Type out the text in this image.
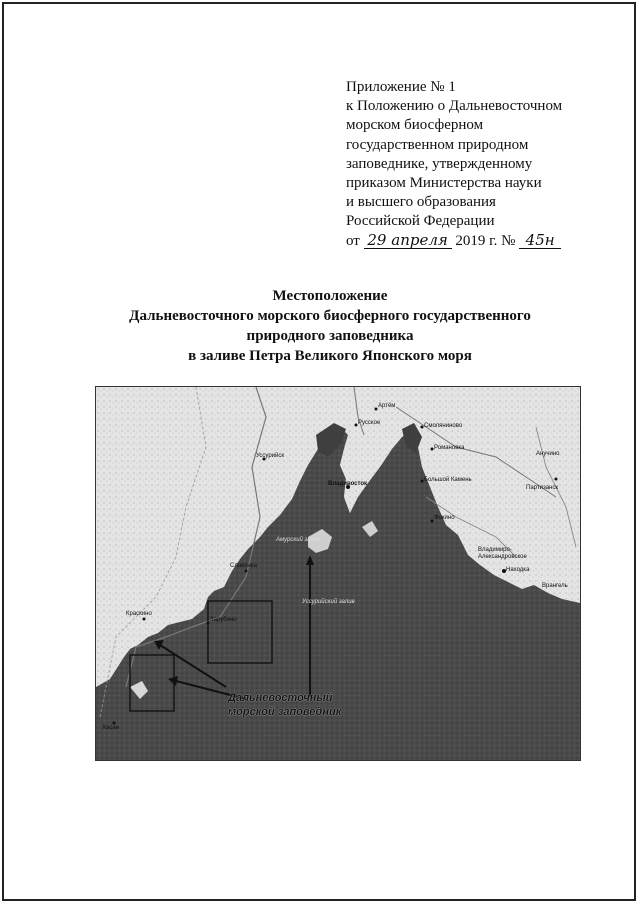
Приложение № 1
к Положению о Дальневосточном
морском биосферном
государственном природном
заповеднике, утвержденному
приказом Министерства науки
и высшего образования
Российской Федерации
от 29 апреля 2019 г. № 45н
Местоположение
Дальневосточного морского биосферного государственного
природного заповедника
в заливе Петра Великого Японского моря
Артём
Русское	Смоляниново
Романовка
Анучино
Уссурийск
Владивосток
Большой Камень
Партизанск
Находка
Фокино
Славянка
Зарубино
Краскино
Хасан
Владимиро-Александровское
Врангель
Амурский залив
Уссурийский залив
Дальневосточный морской заповедник
